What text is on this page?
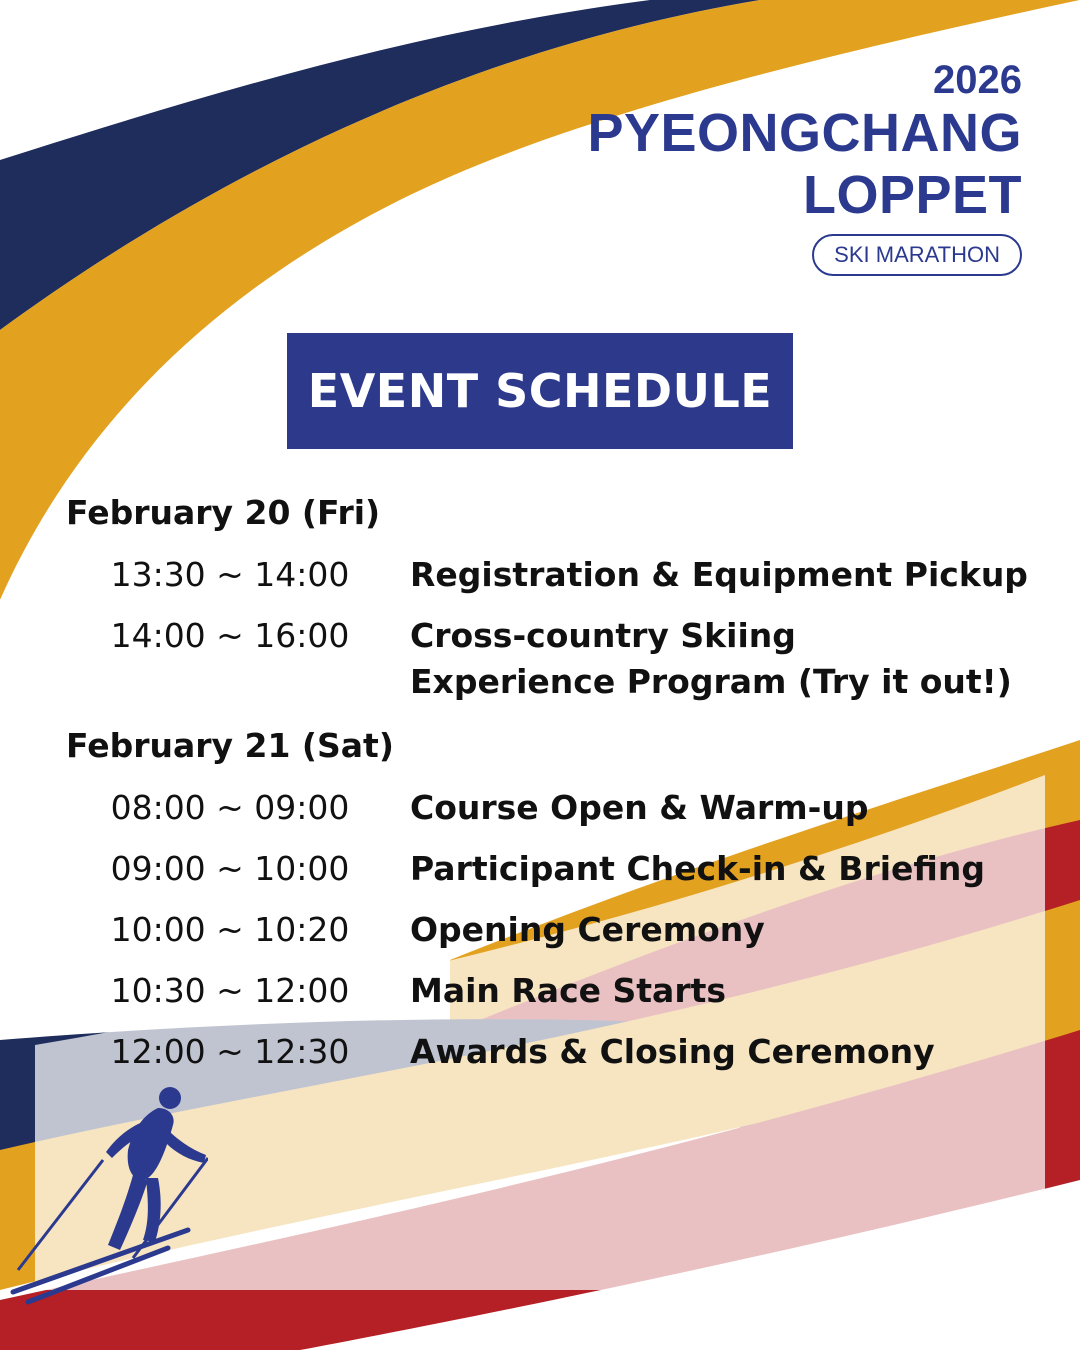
2026
PYEONGCHANG
LOPPET
SKI MARATHON
EVENT SCHEDULE
February 20 (Fri)
13:30 ~ 14:00	Registration & Equipment Pickup
14:00 ~ 16:00	Cross-country Skiing
Experience Program (Try it out!)
February 21 (Sat)
08:00 ~ 09:00	Course Open & Warm-up
09:00 ~ 10:00	Participant Check-in & Briefing
10:00 ~ 10:20	Opening Ceremony
10:30 ~ 12:00	Main Race Starts
12:00 ~ 12:30	Awards & Closing Ceremony
